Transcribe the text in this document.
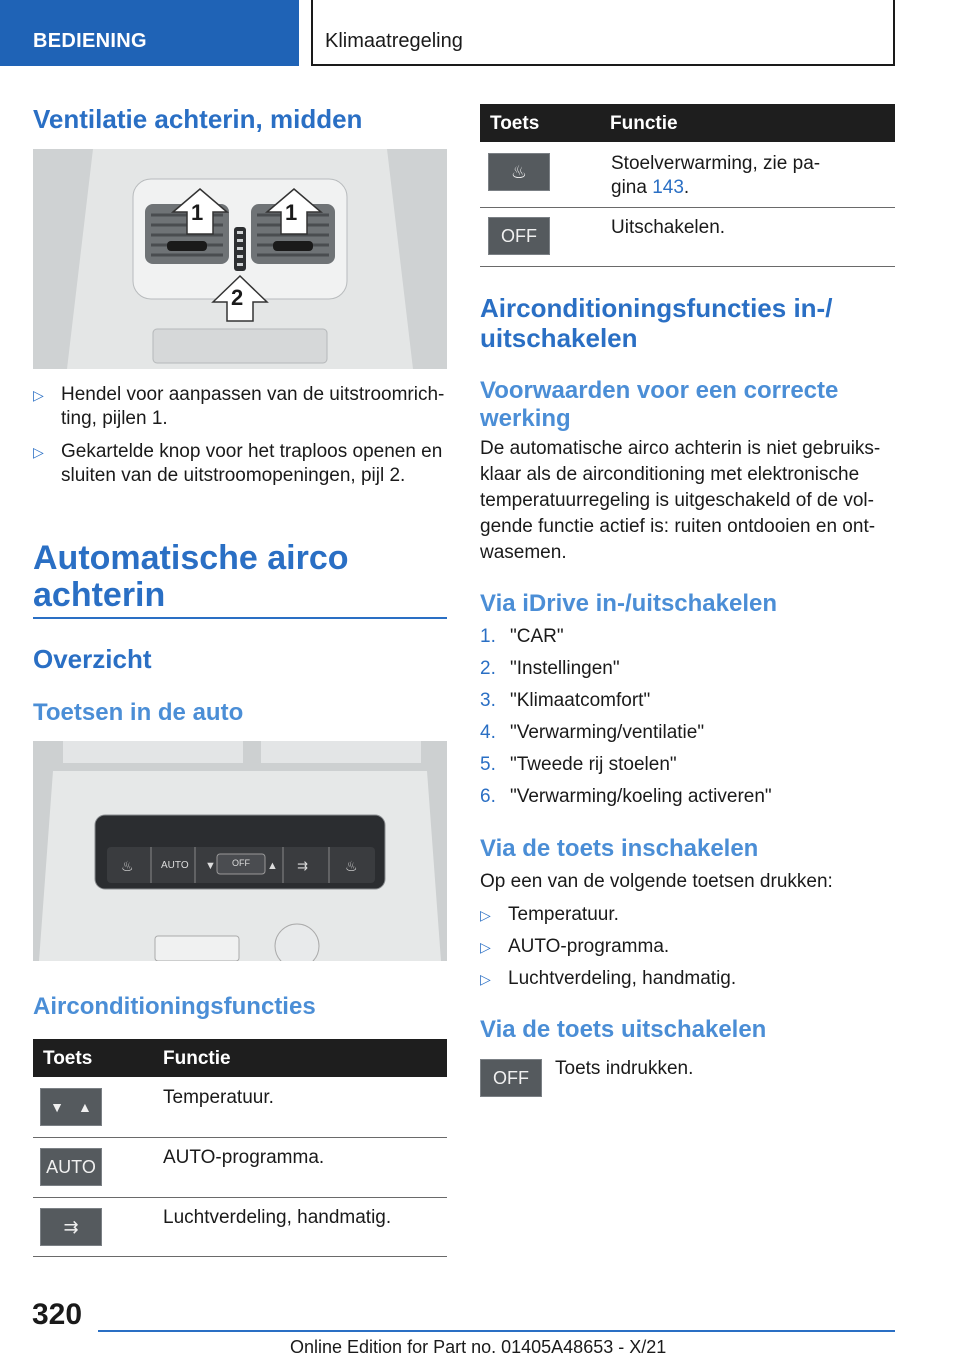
BEDIENING	Klimaatregeling
Ventilatie achterin, midden
1	1
2
▷ Hendel voor aanpassen van de uitstroomrich-ting, pijlen 1.
▷ Gekartelde knop voor het traploos openen en sluiten van de uitstroomopeningen, pijl 2.
Automatische airco
achterin
Overzicht
Toetsen in de auto
♨	AUTO ▼ OFF ▲ ⇉	♨
Airconditioningsfuncties
Toets	Functie
▼ ▲	Temperatuur.
AUTO	AUTO-programma.
⇉	Luchtverdeling, handmatig.
Toets	Functie
♨	Stoelverwarming, zie pa-
gina 143.
OFF	Uitschakelen.
Airconditioningsfuncties in-/
uitschakelen
Voorwaarden voor een correcte
werking
De automatische airco achterin is niet gebruiks-
klaar als de airconditioning met elektronische
temperatuurregeling is uitgeschakeld of de vol-
gende functie actief is: ruiten ontdooien en ont-
wasemen.
Via iDrive in-/uitschakelen
1. "CAR"
2. "Instellingen"
3. "Klimaatcomfort"
4. "Verwarming/ventilatie"
5. "Tweede rij stoelen"
6. "Verwarming/koeling activeren"
Via de toets inschakelen
Op een van de volgende toetsen drukken:
▷ Temperatuur.
▷ AUTO-programma.
▷ Luchtverdeling, handmatig.
Via de toets uitschakelen
OFF	Toets indrukken.
320
Online Edition for Part no. 01405A48653 - X/21
